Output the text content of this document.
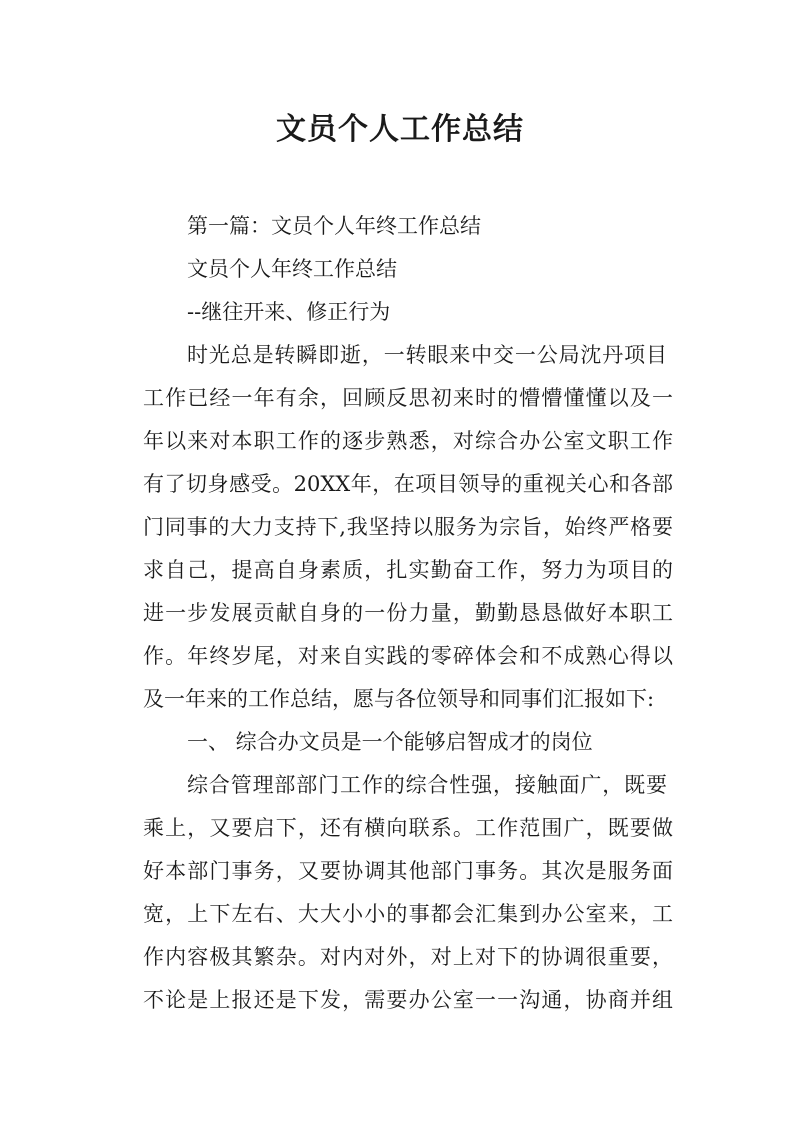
文员个人工作总结

第一篇：文员个人年终工作总结

文员个人年终工作总结

--继往开来、修正行为

时光总是转瞬即逝，一转眼来中交一公局沈丹项目

工作已经一年有余，回顾反思初来时的懵懵懂懂以及一

年以来对本职工作的逐步熟悉，对综合办公室文职工作

有了切身感受。20XX年，在项目领导的重视关心和各部

门同事的大力支持下,我坚持以服务为宗旨，始终严格要

求自己，提高自身素质，扎实勤奋工作，努力为项目的

进一步发展贡献自身的一份力量，勤勤恳恳做好本职工

作。年终岁尾，对来自实践的零碎体会和不成熟心得以

及一年来的工作总结，愿与各位领导和同事们汇报如下:

一、 综合办文员是一个能够启智成才的岗位

综合管理部部门工作的综合性强，接触面广，既要

乘上，又要启下，还有横向联系。工作范围广，既要做

好本部门事务，又要协调其他部门事务。其次是服务面

宽，上下左右、大大小小的事都会汇集到办公室来，工

作内容极其繁杂。对内对外，对上对下的协调很重要，

不论是上报还是下发，需要办公室一一沟通，协商并组
